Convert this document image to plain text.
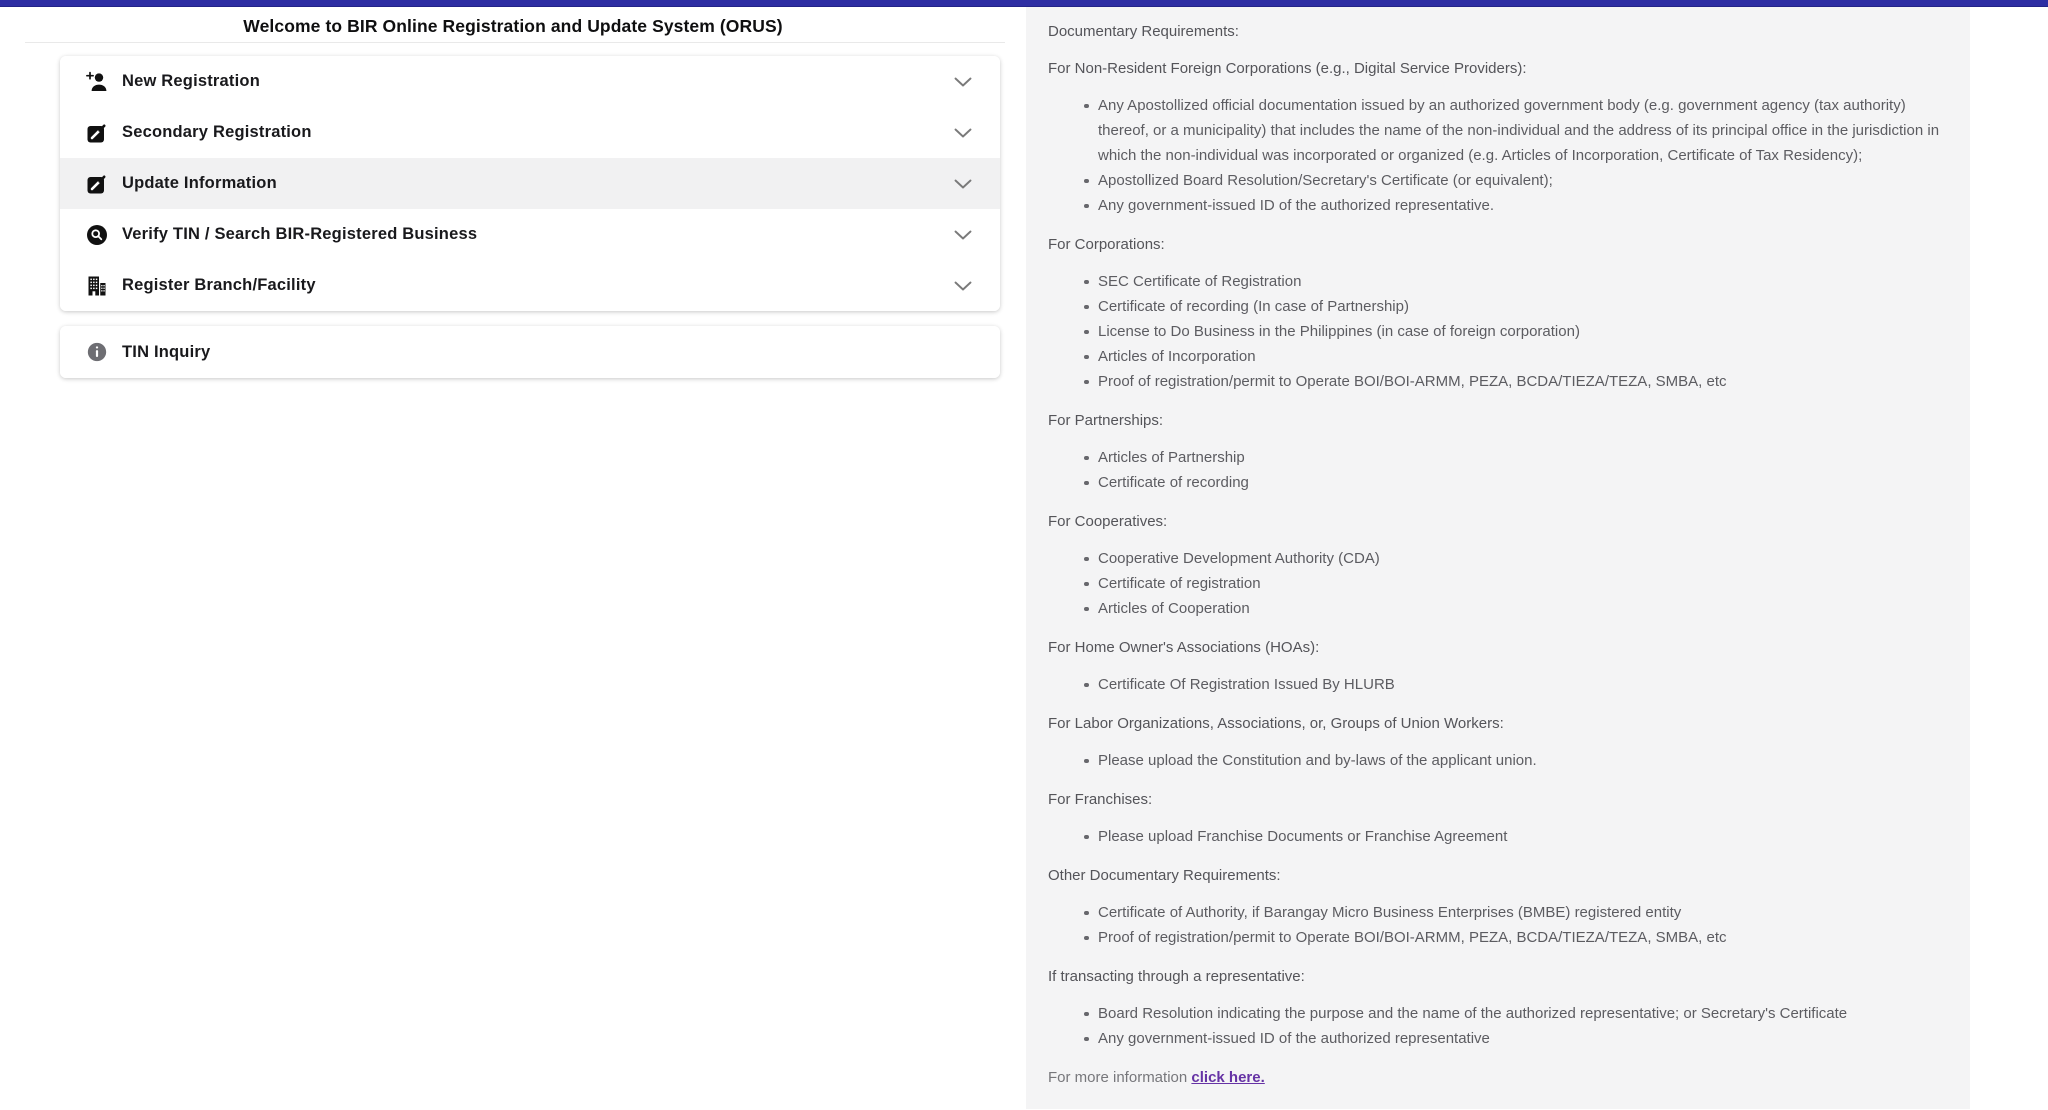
Welcome to BIR Online Registration and Update System (ORUS)
New Registration
Secondary Registration
Update Information
Verify TIN / Search BIR-Registered Business
Register Branch/Facility
TIN Inquiry
Documentary Requirements:
For Non-Resident Foreign Corporations (e.g., Digital Service Providers):
Any Apostollized official documentation issued by an authorized government body (e.g. government agency (tax authority) thereof, or a municipality) that includes the name of the non-individual and the address of its principal office in the jurisdiction in which the non-individual was incorporated or organized (e.g. Articles of Incorporation, Certificate of Tax Residency);
Apostollized Board Resolution/Secretary's Certificate (or equivalent);
Any government-issued ID of the authorized representative.
For Corporations:
SEC Certificate of Registration
Certificate of recording (In case of Partnership)
License to Do Business in the Philippines (in case of foreign corporation)
Articles of Incorporation
Proof of registration/permit to Operate BOI/BOI-ARMM, PEZA, BCDA/TIEZA/TEZA, SMBA, etc
For Partnerships:
Articles of Partnership
Certificate of recording
For Cooperatives:
Cooperative Development Authority (CDA)
Certificate of registration
Articles of Cooperation
For Home Owner's Associations (HOAs):
Certificate Of Registration Issued By HLURB
For Labor Organizations, Associations, or, Groups of Union Workers:
Please upload the Constitution and by-laws of the applicant union.
For Franchises:
Please upload Franchise Documents or Franchise Agreement
Other Documentary Requirements:
Certificate of Authority, if Barangay Micro Business Enterprises (BMBE) registered entity
Proof of registration/permit to Operate BOI/BOI-ARMM, PEZA, BCDA/TIEZA/TEZA, SMBA, etc
If transacting through a representative:
Board Resolution indicating the purpose and the name of the authorized representative; or Secretary's Certificate
Any government-issued ID of the authorized representative
For more information click here.
